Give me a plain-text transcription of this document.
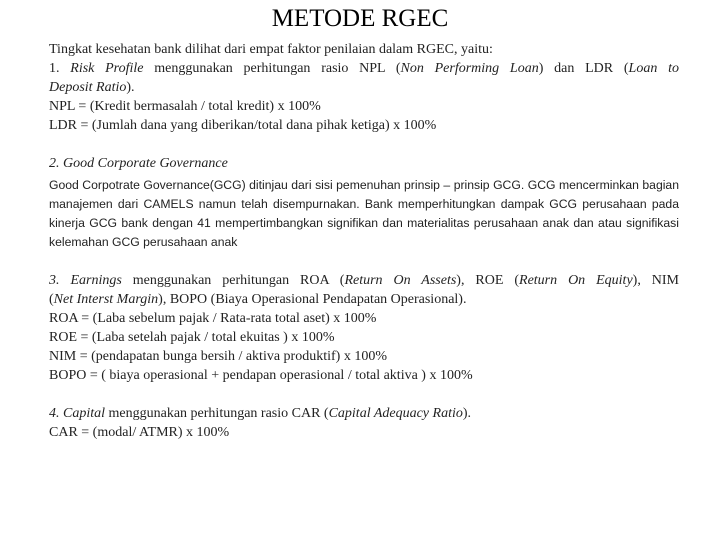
METODE RGEC
Tingkat kesehatan bank dilihat dari empat faktor penilaian dalam RGEC, yaitu:
1. Risk Profile menggunakan perhitungan rasio NPL (Non Performing Loan) dan LDR (Loan to
Deposit Ratio).
NPL = (Kredit bermasalah / total kredit) x 100%
LDR = (Jumlah dana yang diberikan/total dana pihak ketiga) x 100%
2. Good Corporate Governance
Good Corpotrate Governance(GCG) ditinjau dari sisi pemenuhan prinsip – prinsip GCG. GCG mencerminkan bagian manajemen dari CAMELS namun telah disempurnakan. Bank memperhitungkan dampak GCG perusahaan pada kinerja GCG bank dengan 41 mempertimbangkan signifikan dan materialitas perusahaan anak dan atau signifikasi kelemahan GCG perusahaan anak
3. Earnings menggunakan perhitungan ROA (Return On Assets), ROE (Return On Equity), NIM
(Net Interst Margin), BOPO (Biaya Operasional Pendapatan Operasional).
ROA = (Laba sebelum pajak / Rata-rata total aset) x 100%
ROE = (Laba setelah pajak / total ekuitas ) x 100%
NIM = (pendapatan bunga bersih / aktiva produktif) x 100%
BOPO = ( biaya operasional + pendapan operasional / total aktiva ) x 100%
4. Capital menggunakan perhitungan rasio CAR (Capital Adequacy Ratio).
CAR = (modal/ ATMR) x 100%
